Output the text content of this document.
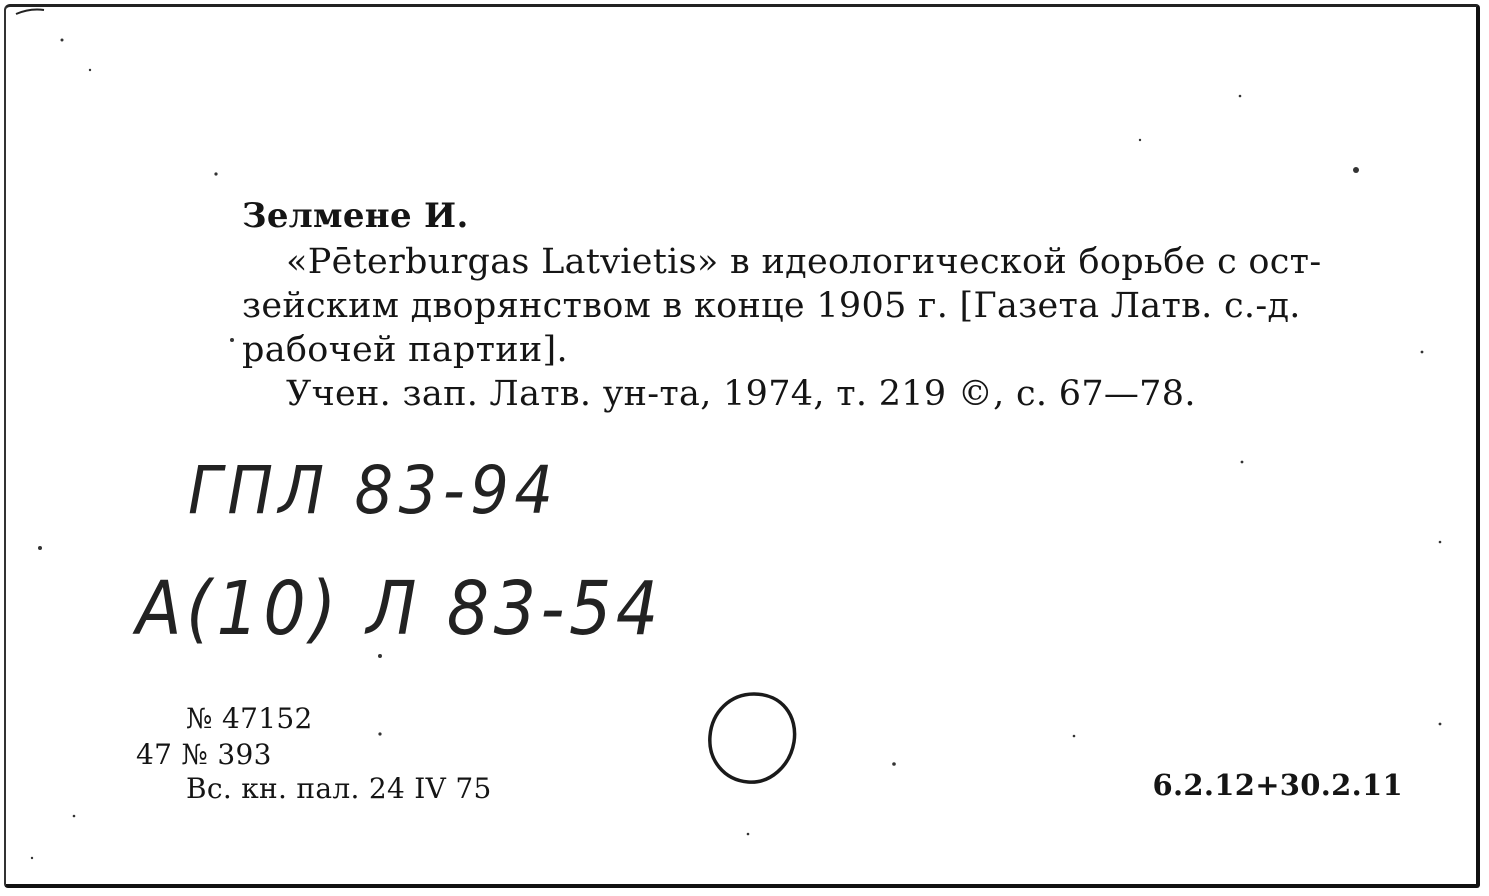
Зелмене И.
«Pēterburgas Latvietis» в идеологической борьбе с ост-
зейским дворянством в конце 1905 г. [Газета Латв. с.-д.
рабочей партии].
Учен. зап. Латв. ун-та, 1974, т. 219 ©, с. 67—78.
ГПЛ 83-94
А(10) Л 83-54
№ 47152
47 № 393
Вс. кн. пал. 24 IV 75	6.2.12+30.2.11
